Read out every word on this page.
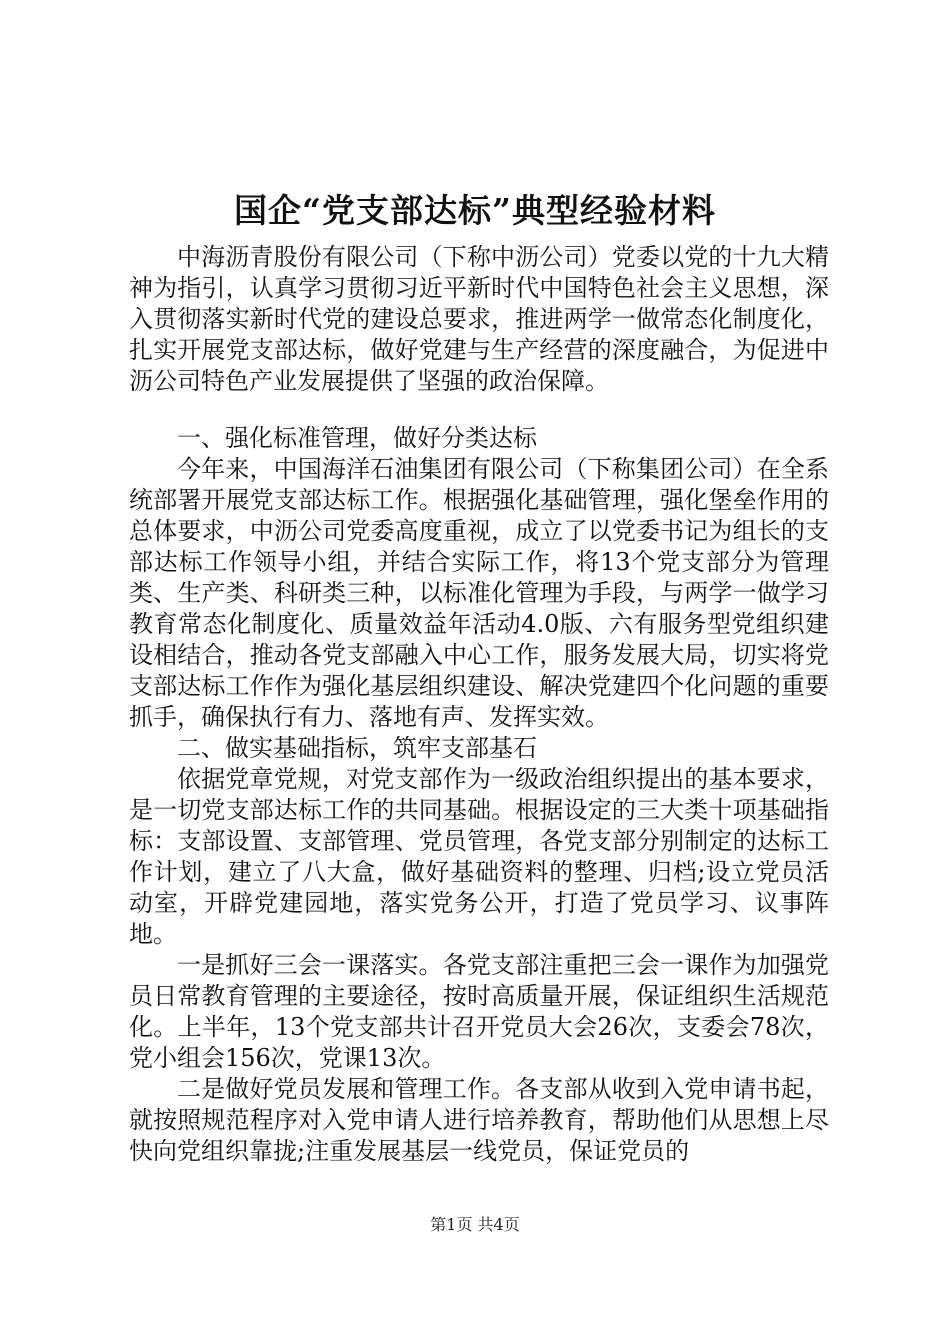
国企“党支部达标”典型经验材料

中海沥青股份有限公司（下称中沥公司）党委以党的十九大精神为指引，认真学习贯彻习近平新时代中国特色社会主义思想，深入贯彻落实新时代党的建设总要求，推进两学一做常态化制度化，扎实开展党支部达标，做好党建与生产经营的深度融合，为促进中沥公司特色产业发展提供了坚强的政治保障。

一、强化标准管理，做好分类达标

今年来，中国海洋石油集团有限公司（下称集团公司）在全系统部署开展党支部达标工作。根据强化基础管理，强化堡垒作用的总体要求，中沥公司党委高度重视，成立了以党委书记为组长的支部达标工作领导小组，并结合实际工作，将13个党支部分为管理类、生产类、科研类三种，以标准化管理为手段，与两学一做学习教育常态化制度化、质量效益年活动4.0版、六有服务型党组织建设相结合，推动各党支部融入中心工作，服务发展大局，切实将党支部达标工作作为强化基层组织建设、解决党建四个化问题的重要抓手，确保执行有力、落地有声、发挥实效。

二、做实基础指标，筑牢支部基石

依据党章党规，对党支部作为一级政治组织提出的基本要求，是一切党支部达标工作的共同基础。根据设定的三大类十项基础指标：支部设置、支部管理、党员管理，各党支部分别制定的达标工作计划，建立了八大盒，做好基础资料的整理、归档;设立党员活动室，开辟党建园地，落实党务公开，打造了党员学习、议事阵地。

一是抓好三会一课落实。各党支部注重把三会一课作为加强党员日常教育管理的主要途径，按时高质量开展，保证组织生活规范化。上半年，13个党支部共计召开党员大会26次，支委会78次，党小组会156次，党课13次。

二是做好党员发展和管理工作。各支部从收到入党申请书起，就按照规范程序对入党申请人进行培养教育，帮助他们从思想上尽快向党组织靠拢;注重发展基层一线党员，保证党员的

第1页 共4页
